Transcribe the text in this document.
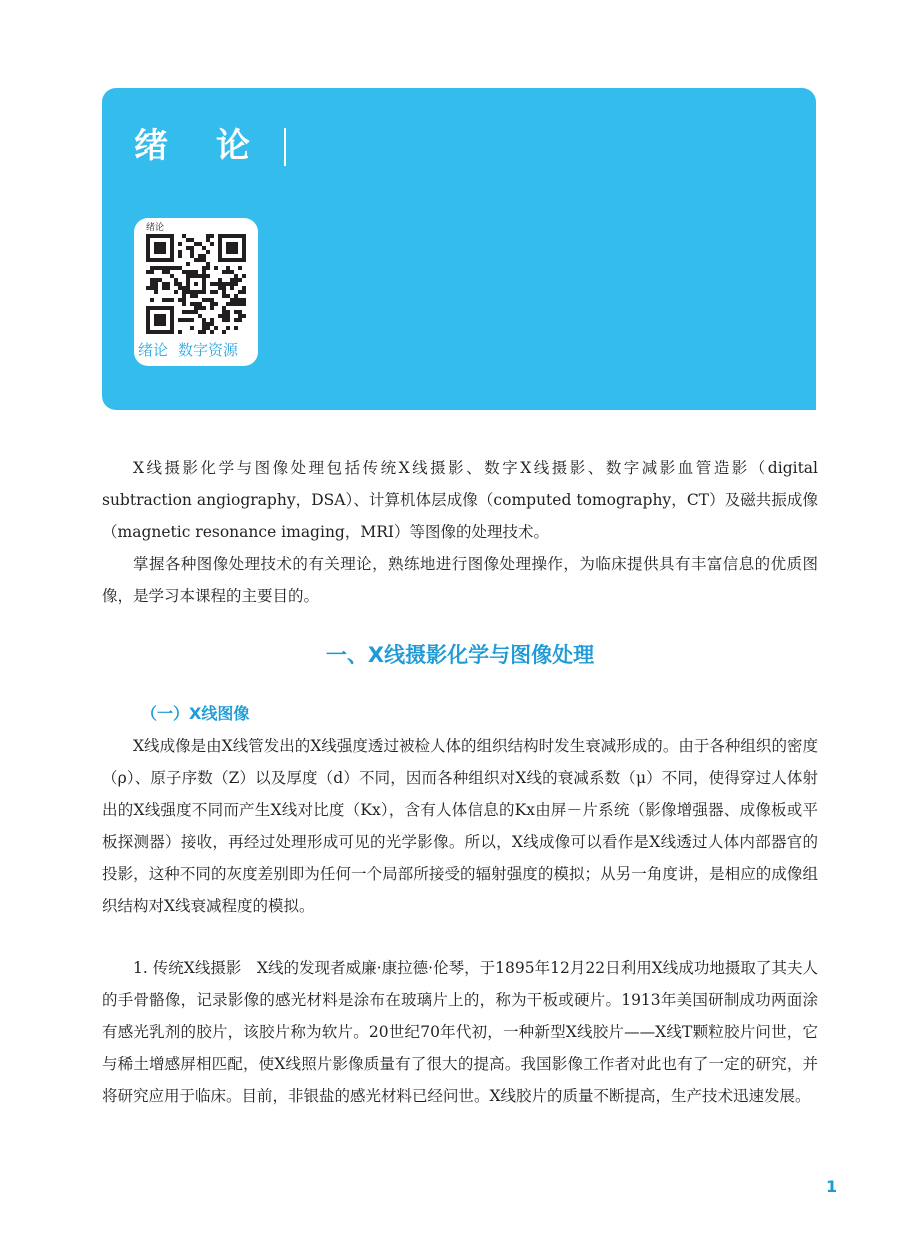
绪 论
绪论
绪论 数字资源

X线摄影化学与图像处理包括传统X线摄影、数字X线摄影、数字减影血管造影（digital subtraction angiography，DSA）、计算机体层成像（computed tomography，CT）及磁共振成像（magnetic resonance imaging，MRI）等图像的处理技术。

掌握各种图像处理技术的有关理论，熟练地进行图像处理操作，为临床提供具有丰富信息的优质图像，是学习本课程的主要目的。

一、X线摄影化学与图像处理
（一）X线图像

X线成像是由X线管发出的X线强度透过被检人体的组织结构时发生衰减形成的。由于各种组织的密度（ρ）、原子序数（Z）以及厚度（d）不同，因而各种组织对X线的衰减系数（μ）不同，使得穿过人体射出的X线强度不同而产生X线对比度（Kx），含有人体信息的Kx由屏－片系统（影像增强器、成像板或平板探测器）接收，再经过处理形成可见的光学影像。所以，X线成像可以看作是X线透过人体内部器官的投影，这种不同的灰度差别即为任何一个局部所接受的辐射强度的模拟；从另一角度讲，是相应的成像组织结构对X线衰减程度的模拟。

1. 传统X线摄影　X线的发现者威廉·康拉德·伦琴，于1895年12月22日利用X线成功地摄取了其夫人的手骨骼像，记录影像的感光材料是涂布在玻璃片上的，称为干板或硬片。1913年美国研制成功两面涂有感光乳剂的胶片，该胶片称为软片。20世纪70年代初，一种新型X线胶片——X线T颗粒胶片问世，它与稀土增感屏相匹配，使X线照片影像质量有了很大的提高。我国影像工作者对此也有了一定的研究，并将研究应用于临床。目前，非银盐的感光材料已经问世。X线胶片的质量不断提高，生产技术迅速发展。

1
